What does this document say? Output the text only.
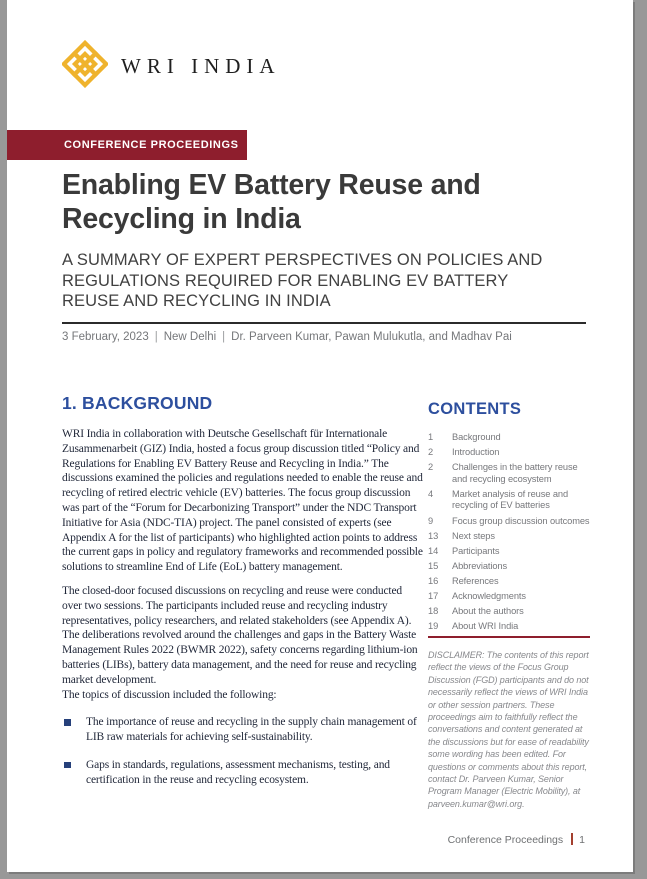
WRI INDIA
CONFERENCE PROCEEDINGS
Enabling EV Battery Reuse and
Recycling in India
A SUMMARY OF EXPERT PERSPECTIVES ON POLICIES AND
REGULATIONS REQUIRED FOR ENABLING EV BATTERY
REUSE AND RECYCLING IN INDIA
3 February, 2023 | New Delhi | Dr. Parveen Kumar, Pawan Mulukutla, and Madhav Pai
1. BACKGROUND

WRI India in collaboration with Deutsche Gesellschaft für Internationale Zusammenarbeit (GIZ) India, hosted a focus group discussion titled “Policy and Regulations for Enabling EV Battery Reuse and Recycling in India.” The discussions examined the policies and regulations needed to enable the reuse and recycling of retired electric vehicle (EV) batteries. The focus group discussion was part of the “Forum for Decarbonizing Transport” under the NDC Transport Initiative for Asia (NDC-TIA) project. The panel consisted of experts (see Appendix A for the list of participants) who highlighted action points to address the current gaps in policy and regulatory frameworks and recommended possible solutions to streamline End of Life (EoL) battery management.

The closed-door focused discussions on recycling and reuse were conducted over two sessions. The participants included reuse and recycling industry representatives, policy researchers, and related stakeholders (see Appendix A). The deliberations revolved around the challenges and gaps in the Battery Waste Management Rules 2022 (BWMR 2022), safety concerns regarding lithium-ion batteries (LIBs), battery data management, and the need for reuse and recycling market development.

The topics of discussion included the following:

The importance of reuse and recycling in the supply chain management of LIB raw materials for achieving self-sustainability.
Gaps in standards, regulations, assessment mechanisms, testing, and certification in the reuse and recycling ecosystem.
CONTENTS
1	Background
2	Introduction
2	Challenges in the battery reuse and recycling ecosystem
4	Market analysis of reuse and recycling of EV batteries
9	Focus group discussion outcomes
13	Next steps
14	Participants
15	Abbreviations
16	References
17	Acknowledgments
18	About the authors
19	About WRI India
DISCLAIMER: The contents of this report reflect the views of the Focus Group Discussion (FGD) participants and do not necessarily reflect the views of WRI India or other session partners. These proceedings aim to faithfully reflect the conversations and content generated at the discussions but for ease of readability some wording has been edited. For questions or comments about this report, contact Dr. Parveen Kumar, Senior Program Manager (Electric Mobility), at parveen.kumar@wri.org.
Conference Proceedings 1
